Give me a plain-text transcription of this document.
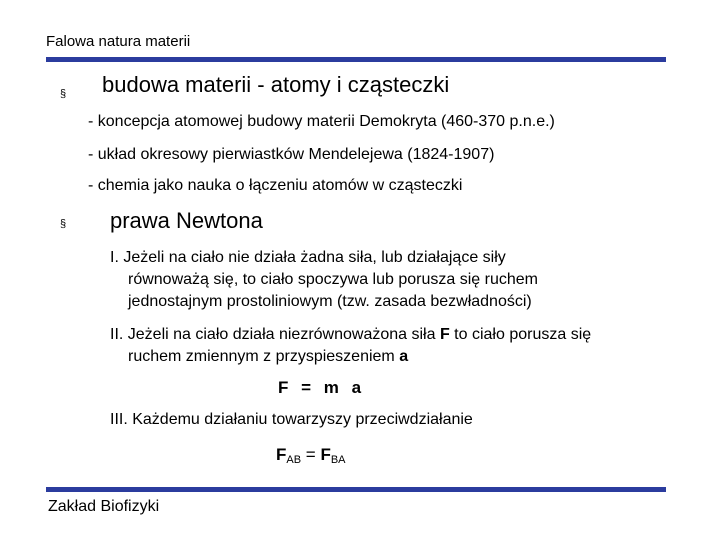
Falowa natura materii
§ budowa materii - atomy i cząsteczki
- koncepcja atomowej budowy materii Demokryta (460-370 p.n.e.)
- układ okresowy pierwiastków Mendelejewa (1824-1907)
- chemia jako nauka o łączeniu atomów w cząsteczki
§ prawa Newtona
I. Jeżeli na ciało nie działa żadna siła, lub działające siły
równoważą się, to ciało spoczywa lub porusza się ruchem
jednostajnym prostoliniowym (tzw. zasada bezwładności)
II. Jeżeli na ciało działa niezrównoważona siła F to ciało porusza się
ruchem zmiennym z przyspieszeniem a
F = m a
III. Każdemu działaniu towarzyszy przeciwdziałanie
$F_{AB} = F_{BA}$
Zakład Biofizyki
